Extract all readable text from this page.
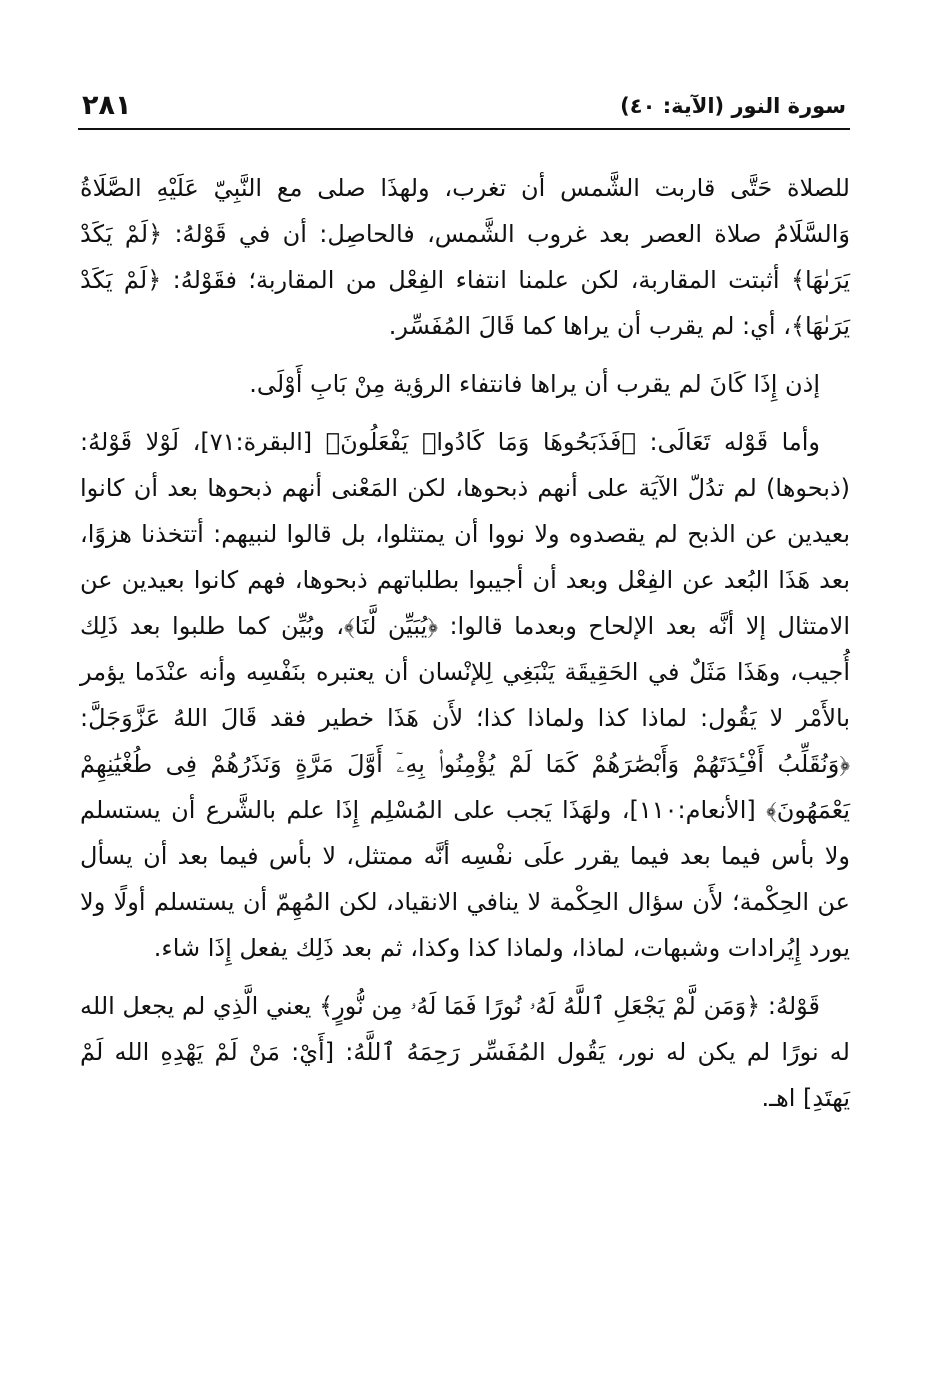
٢٨١	سورة النور (الآية: ٤٠)

للصلاة حَتَّى قاربت الشَّمس أن تغرب، ولهذَا صلى مع النَّبِيّ عَلَيْهِ الصَّلَاةُ وَالسَّلَامُ صلاة العصر بعد غروب الشَّمس، فالحاصِل: أن في قَوْلهُ: ﴿لَمْ يَكَدْ يَرَىٰهَا﴾ أثبتت المقاربة، لكن علمنا انتفاء الفِعْل من المقاربة؛ فقَوْلهُ: ﴿لَمْ يَكَدْ يَرَىٰهَا﴾، أي: لم يقرب أن يراها كما قَالَ المُفَسِّر.

إذن إِذَا كَانَ لم يقرب أن يراها فانتفاء الرؤية مِنْ بَابِ أَوْلَى.

وأما قَوْله تَعَالَى: ﴿فَذَبَحُوهَا وَمَا كَادُوا۟ يَفْعَلُونَ﴾ [البقرة:٧١]، لَوْلا قَوْلهُ: (ذبحوها) لم تدُلّ الآيَة على أنهم ذبحوها، لكن المَعْنى أنهم ذبحوها بعد أن كانوا بعيدين عن الذبح لم يقصدوه ولا نووا أن يمتثلوا، بل قالوا لنبيهم: أتتخذنا هزوًا، بعد هَذَا البُعد عن الفِعْل وبعد أن أجيبوا بطلباتهم ذبحوها، فهم كانوا بعيدين عن الامتثال إلا أنَّه بعد الإلحاح وبعدما قالوا: ﴿يُبَيِّن لَّنَا﴾، وبُيِّن كما طلبوا بعد ذَلِك أُجيب، وهَذَا مَثَلٌ في الحَقِيقَة يَنْبَغِي لِلإنْسان أن يعتبره بنَفْسِه وأنه عنْدَما يؤمر بالأَمْر لا يَقُول: لماذا كذا ولماذا كذا؛ لأَن هَذَا خطير فقد قَالَ اللهُ عَزَّوَجَلَّ: ﴿وَنُقَلِّبُ أَفْـِٔدَتَهُمْ وَأَبْصَٰرَهُمْ كَمَا لَمْ يُؤْمِنُوا۟ بِهِۦٓ أَوَّلَ مَرَّةٍ وَنَذَرُهُمْ فِى طُغْيَٰنِهِمْ يَعْمَهُونَ﴾ [الأنعام:١١٠]، ولهَذَا يَجب على المُسْلِم إِذَا علم بالشَّرع أن يستسلم ولا بأس فيما بعد فيما يقرر علَى نفْسِه أنَّه ممتثل، لا بأس فيما بعد أن يسأل عن الحِكْمة؛ لأَن سؤال الحِكْمة لا ينافي الانقياد، لكن المُهِمّ أن يستسلم أولًا ولا يورد إِيُرادات وشبهات، لماذا، ولماذا كذا وكذا، ثم بعد ذَلِك يفعل إِذَا شاء.

قَوْلهُ: ﴿وَمَن لَّمْ يَجْعَلِ ٱللَّهُ لَهُۥ نُورًا فَمَا لَهُۥ مِن نُّورٍ﴾ يعني الَّذِي لم يجعل الله له نورًا لم يكن له نور، يَقُول المُفَسِّر رَحِمَهُ ٱللَّهُ: [أَيْ: مَنْ لَمْ يَهْدِهِ الله لَمْ يَهتَدِ] اهـ.
